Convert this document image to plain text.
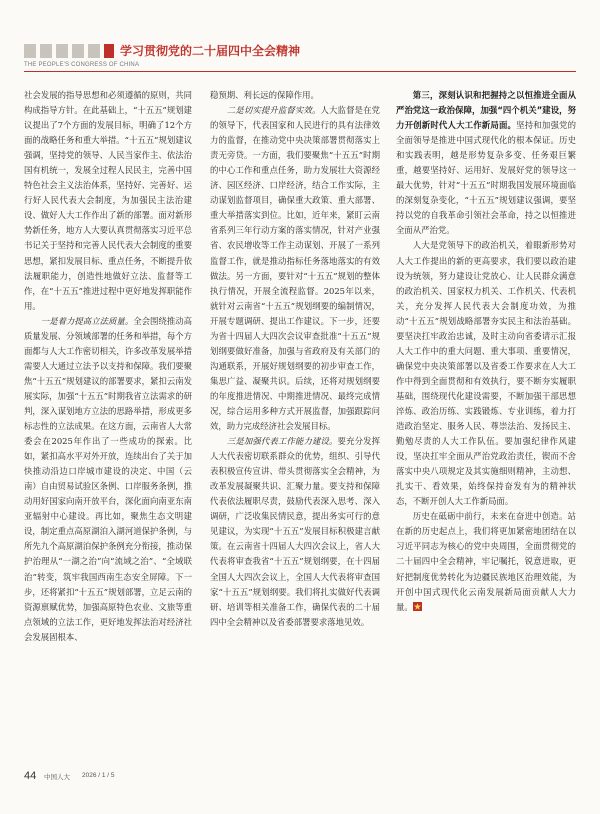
学习贯彻党的二十届四中全会精神
THE PEOPLE'S CONGRESS OF CHINA

社会发展的指导思想和必须遵循的原则，共同构成指导方针。在此基础上，“十五五”规划建议提出了7个方面的发展目标，明确了12个方面的战略任务和重大举措。“十五五”规划建议强调，坚持党的领导、人民当家作主、依法治国有机统一，发展全过程人民民主，完善中国特色社会主义法治体系，坚持好、完善好、运行好人民代表大会制度，为加强民主法治建设、做好人大工作作出了新的部署。面对新形势新任务，地方人大要认真贯彻落实习近平总书记关于坚持和完善人民代表大会制度的重要思想，紧扣发展目标、重点任务，不断提升依法履职能力，创造性地做好立法、监督等工作，在“十五五”推进过程中更好地发挥职能作用。

一是着力提高立法质量。全会围绕推动高质量发展、分领域部署的任务和举措，每个方面都与人大工作密切相关，许多改革发展举措需要人大通过立法予以支持和保障。我们要聚焦“十五五”规划建议的部署要求，紧扣云南发展实际，加强“十五五”时期我省立法需求的研判，深入谋划地方立法的思路举措，形成更多标志性的立法成果。在这方面，云南省人大常委会在2025年作出了一些成功的探索。比如，紧扣高水平对外开放，连续出台了关于加快推动沿边口岸城市建设的决定、中国（云南）自由贸易试验区条例、口岸服务条例，推动用好国家向南开放平台，深化面向南亚东南亚辐射中心建设。再比如，聚焦生态文明建设，制定重点高原湖泊入湖河道保护条例，与所先九个高原湖泊保护条例充分衔接，推动保护治理从“一湖之治”向“流域之治”、“全域联治”转变，筑牢我国西南生态安全屏障。下一步，还将紧扣“十五五”规划部署，立足云南的资源禀赋优势，加强高原特色农业、文旅等重点领域的立法工作，更好地发挥法治对经济社会发展固根本、

稳预期、利长远的保障作用。

二是切实提升监督实效。人大监督是在党的领导下，代表国家和人民进行的具有法律效力的监督，在推动党中央决策部署贯彻落实上责无旁贷。一方面，我们要聚焦“十五五”时期的中心工作和重点任务，助力发展壮大资源经济、园区经济、口岸经济，结合工作实际，主动谋划监督项目，确保重大政策、重大部署、重大举措落实到位。比如，近年来，紧盯云南省系列三年行动方案的落实情况，针对产业强省、农民增收等工作主动谋划、开展了一系列监督工作，就是推动指标任务落地落实的有效做法。另一方面，要针对“十五五”规划的整体执行情况，开展全流程监督。2025年以来，就针对云南省“十五五”规划纲要的编制情况，开展专题调研、提出工作建议。下一步，还要为省十四届人大四次会议审查批准“十五五”规划纲要做好准备，加强与省政府及有关部门的沟通联系，开展好规划纲要的初步审查工作，集思广益、凝聚共识。后续，还将对规划纲要的年度推进情况、中期推进情况、最终完成情况，综合运用多种方式开展监督，加强跟踪问效，助力完成经济社会发展目标。

三是加强代表工作能力建设。要充分发挥人大代表密切联系群众的优势，组织、引导代表积极宣传宣讲、带头贯彻落实全会精神，为改革发展凝聚共识、汇聚力量。要支持和保障代表依法履职尽责，鼓励代表深入思考、深入调研，广泛收集民情民意，提出务实可行的意见建议，为实现“十五五”发展目标积极建言献策。在云南省十四届人大四次会议上，省人大代表将审查我省“十五五”规划纲要，在十四届全国人大四次会议上，全国人大代表将审查国家“十五五”规划纲要。我们将扎实做好代表调研、培训等相关准备工作，确保代表的二十届四中全会精神以及省委部署要求落地见效。

第三，深刻认识和把握持之以恒推进全面从严治党这一政治保障，加强“四个机关”建设，努力开创新时代人大工作新局面。坚持和加强党的全面领导是推进中国式现代化的根本保证。历史和实践表明，越是形势复杂多变、任务艰巨繁重，越要坚持好、运用好、发展好党的领导这一最大优势，针对“十五五”时期我国发展环境面临的深刻复杂变化，“十五五”规划建议强调，要坚持以党的自我革命引领社会革命，持之以恒推进全面从严治党。

人大是党领导下的政治机关，着眼新形势对人大工作提出的新的更高要求，我们要以政治建设为统领，努力建设让党放心、让人民群众满意的政治机关、国家权力机关、工作机关、代表机关，充分发挥人民代表大会制度功效，为推动“十五五”规划战略部署夯实民主和法治基础。要坚决扛牢政治忠诚，及时主动向省委请示汇报人大工作中的重大问题、重大事项、重要情况，确保党中央决策部署以及省委工作要求在人大工作中得到全面贯彻和有效执行，要不断夯实履职基础，围绕现代化建设需要，不断加强干部思想淬炼、政治历练、实践锻炼、专业训练，着力打造政治坚定、服务人民、尊崇法治、发扬民主、勤勉尽责的人大工作队伍。要加强纪律作风建设，坚决扛牢全面从严治党政治责任，锲而不舍落实中央八项规定及其实施细则精神，主动想、扎实干、看效果，始终保持奋发有为的精神状态，不断开创人大工作新局面。

历史在砥砺中前行，未来在奋进中创造。站在新的历史起点上，我们将更加紧密地团结在以习近平同志为核心的党中央周围，全面贯彻党的二十届四中全会精神，牢记嘱托，锐意进取，更好把制度优势转化为边疆民族地区治理效能，为开创中国式现代化云南发展新局面贡献人大力量。

44 中国人大 2026 / 1 / 5
